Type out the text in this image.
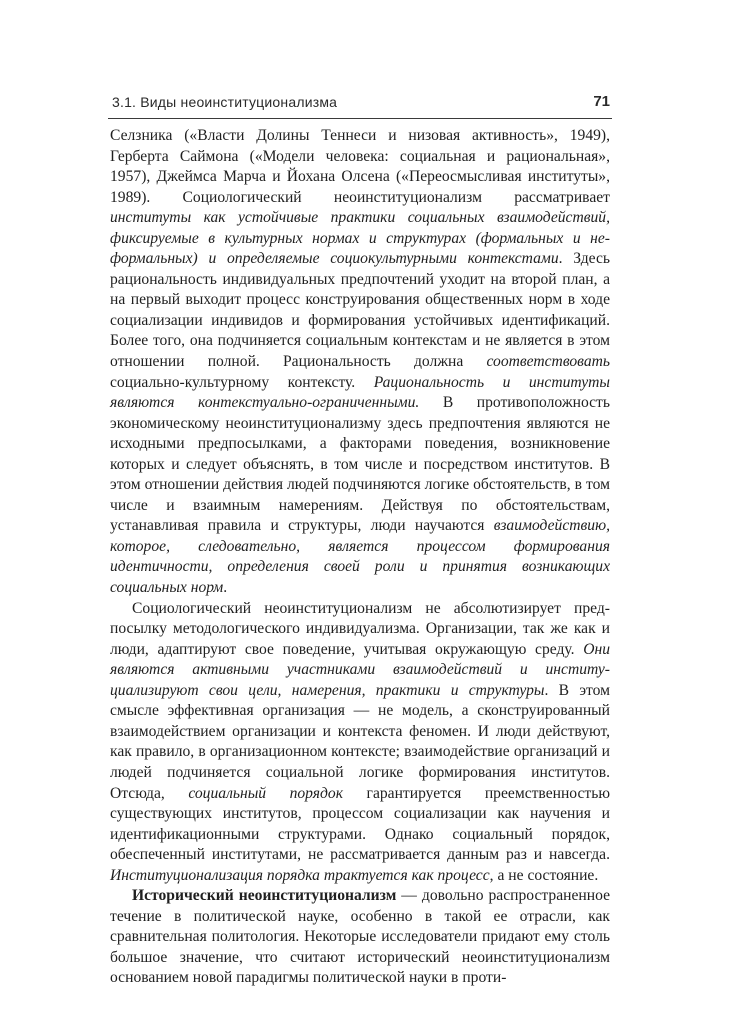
3.1. Виды неоинституционализма	71

Селзника («Власти Долины Теннеси и низовая активность», 1949), Герберта Саймона («Модели человека: социальная и рациональная», 1957), Джеймса Марча и Йохана Олсена («Переосмысливая институты», 1989). Социологический неоинституционализм рассматривает институты как устойчивые практики социальных взаимодействий, фиксируемые в культурных нормах и структурах (формальных и неформальных) и определяемые социокультурными контекстами. Здесь рациональность индивидуальных предпочтений уходит на второй план, а на первый выходит процесс конструирования общественных норм в ходе социализации индивидов и формирования устойчивых идентификаций. Более того, она подчиняется социальным контекстам и не является в этом отношении полной. Рациональность должна соответствовать социально-культурному контексту. Рациональность и институты являются контекстуально-ограниченными. В противоположность экономическому неоинституционализму здесь предпочтения являются не исходными предпосылками, а факторами поведения, возникновение которых и следует объяснять, в том числе и посредством институтов. В этом отношении действия людей подчиняются логике обстоятельств, в том числе и взаимным намерениям. Действуя по обстоятельствам, устанавливая правила и структуры, люди научаются взаимодействию, которое, следовательно, является процессом формирования идентичности, определения своей роли и принятия возникающих социальных норм.

Социологический неоинституционализм не абсолютизирует предпосылку методологического индивидуализма. Организации, так же как и люди, адаптируют свое поведение, учитывая окружающую среду. Они являются активными участниками взаимодействий и институциализируют свои цели, намерения, практики и структуры. В этом смысле эффективная организация — не модель, а сконструированный взаимодействием организации и контекста феномен. И люди действуют, как правило, в организационном контексте; взаимодействие организаций и людей подчиняется социальной логике формирования институтов. Отсюда, социальный порядок гарантируется преемственностью существующих институтов, процессом социализации как научения и идентификационными структурами. Однако социальный порядок, обеспеченный институтами, не рассматривается данным раз и навсегда. Институционализация порядка трактуется как процесс, а не состояние.

Исторический неоинституционализм — довольно распространенное течение в политической науке, особенно в такой ее отрасли, как сравнительная политология. Некоторые исследователи придают ему столь большое значение, что считают исторический неоинституционализм основанием новой парадигмы политической науки в проти-
